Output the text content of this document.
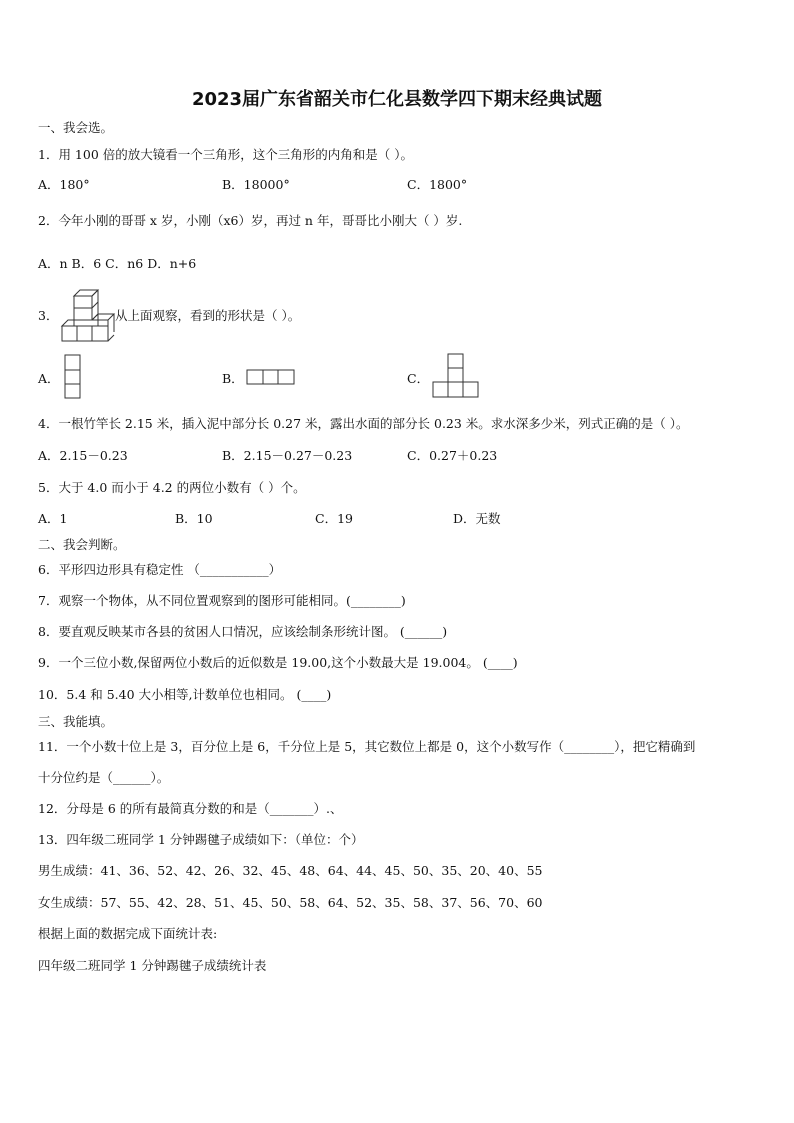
2023届广东省韶关市仁化县数学四下期末经典试题
一、我会选。
1．用 100 倍的放大镜看一个三角形，这个三角形的内角和是（ ）。
A．180°	B．18000°	C．1800°
2．今年小刚的哥哥 x 岁，小刚（x6）岁，再过 n 年，哥哥比小刚大（ ）岁.
A．n B．6 C．n6 D．n+6
3．	从上面观察，看到的形状是（ ）。
A．	B．	C．
4．一根竹竿长 2.15 米，插入泥中部分长 0.27 米，露出水面的部分长 0.23 米。求水深多少米，列式正确的是（ ）。
A．2.15－0.23	B．2.15－0.27－0.23	C．0.27＋0.23
5．大于 4.0 而小于 4.2 的两位小数有（ ）个。
A．1	B．10	C．19	D．无数
二、我会判断。
6．平形四边形具有稳定性 （___________）
7．观察一个物体，从不同位置观察到的图形可能相同。(________)
8．要直观反映某市各县的贫困人口情况，应该绘制条形统计图。 (______)
9．一个三位小数,保留两位小数后的近似数是 19.00,这个小数最大是 19.004。 (____)
10．5.4 和 5.40 大小相等,计数单位也相同。 (____)
三、我能填。
11．一个小数十位上是 3，百分位上是 6，千分位上是 5，其它数位上都是 0，这个小数写作（________），把它精确到
十分位约是（______）。
12．分母是 6 的所有最简真分数的和是（_______）.、
13．四年级二班同学 1 分钟踢毽子成绩如下：（单位：个）
男生成绩：41、36、52、42、26、32、45、48、64、44、45、50、35、20、40、55
女生成绩：57、55、42、28、51、45、50、58、64、52、35、58、37、56、70、60
根据上面的数据完成下面统计表:
四年级二班同学 1 分钟踢毽子成绩统计表
